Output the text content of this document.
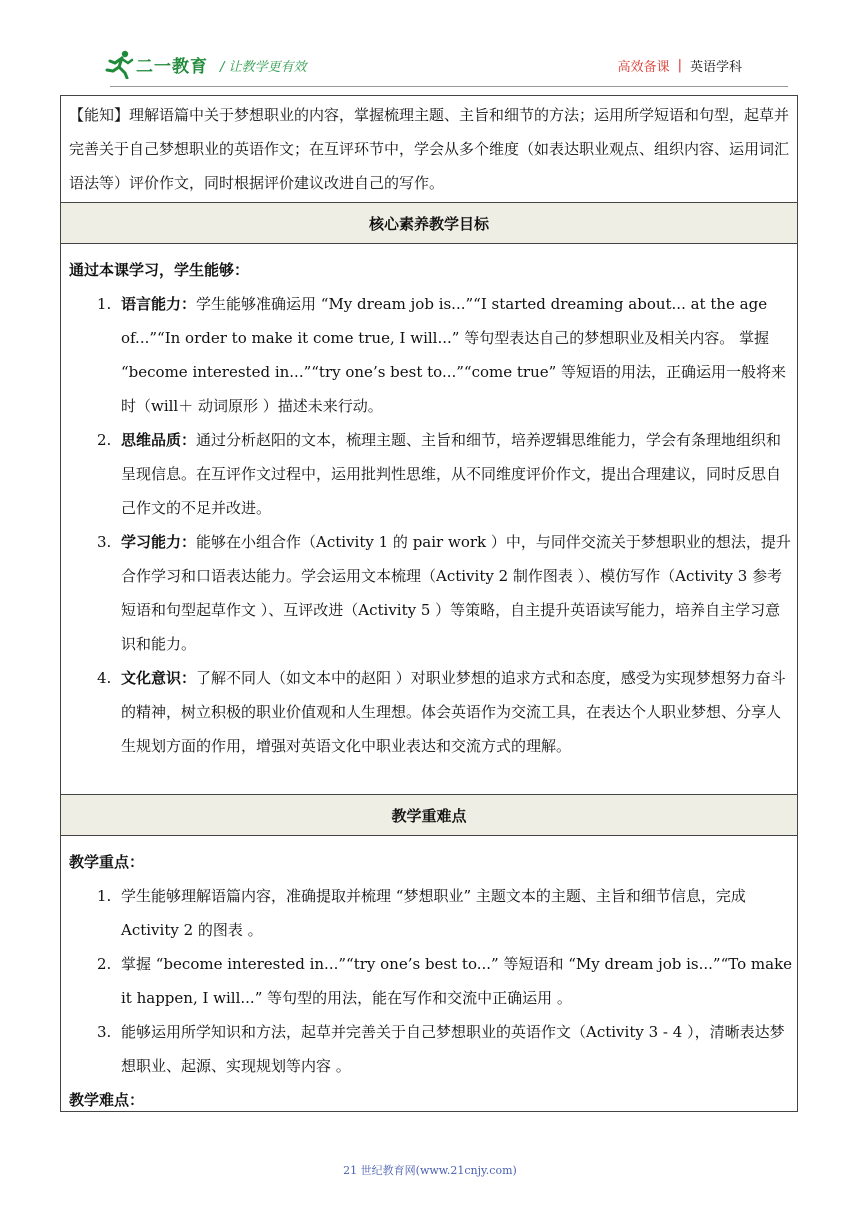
二一教育 / 让教学更有效	高效备课 | 英语学科
【能知】理解语篇中关于梦想职业的内容，掌握梳理主题、主旨和细节的方法；运用所学短语和句型，起草并完善关于自己梦想职业的英语作文；在互评环节中，学会从多个维度（如表达职业观点、组织内容、运用词汇语法等）评价作文，同时根据评价建议改进自己的写作。
核心素养教学目标
通过本课学习，学生能够：
1. 语言能力：学生能够准确运用 “My dream job is...”“I started dreaming about... at the age of...”“In order to make it come true, I will...” 等句型表达自己的梦想职业及相关内容。 掌握 “become interested in...”“try one’s best to...”“come true” 等短语的用法，正确运用一般将来时（will＋ 动词原形 ）描述未来行动。
2. 思维品质：通过分析赵阳的文本，梳理主题、主旨和细节，培养逻辑思维能力，学会有条理地组织和呈现信息。在互评作文过程中，运用批判性思维，从不同维度评价作文，提出合理建议，同时反思自己作文的不足并改进。
3. 学习能力：能够在小组合作（Activity 1 的 pair work ）中，与同伴交流关于梦想职业的想法，提升合作学习和口语表达能力。学会运用文本梳理（Activity 2 制作图表 ）、模仿写作（Activity 3 参考短语和句型起草作文 ）、互评改进（Activity 5 ）等策略，自主提升英语读写能力，培养自主学习意识和能力。
4. 文化意识：了解不同人（如文本中的赵阳 ）对职业梦想的追求方式和态度，感受为实现梦想努力奋斗的精神，树立积极的职业价值观和人生理想。体会英语作为交流工具，在表达个人职业梦想、分享人生规划方面的作用，增强对英语文化中职业表达和交流方式的理解。
教学重难点
教学重点：
1. 学生能够理解语篇内容，准确提取并梳理 “梦想职业” 主题文本的主题、主旨和细节信息，完成 Activity 2 的图表 。
2. 掌握 “become interested in...”“try one’s best to...” 等短语和 “My dream job is...”“To make it happen, I will...” 等句型的用法，能在写作和交流中正确运用 。
3. 能够运用所学知识和方法，起草并完善关于自己梦想职业的英语作文（Activity 3 - 4 ），清晰表达梦想职业、起源、实现规划等内容 。
教学难点：
21 世纪教育网(www.21cnjy.com)
